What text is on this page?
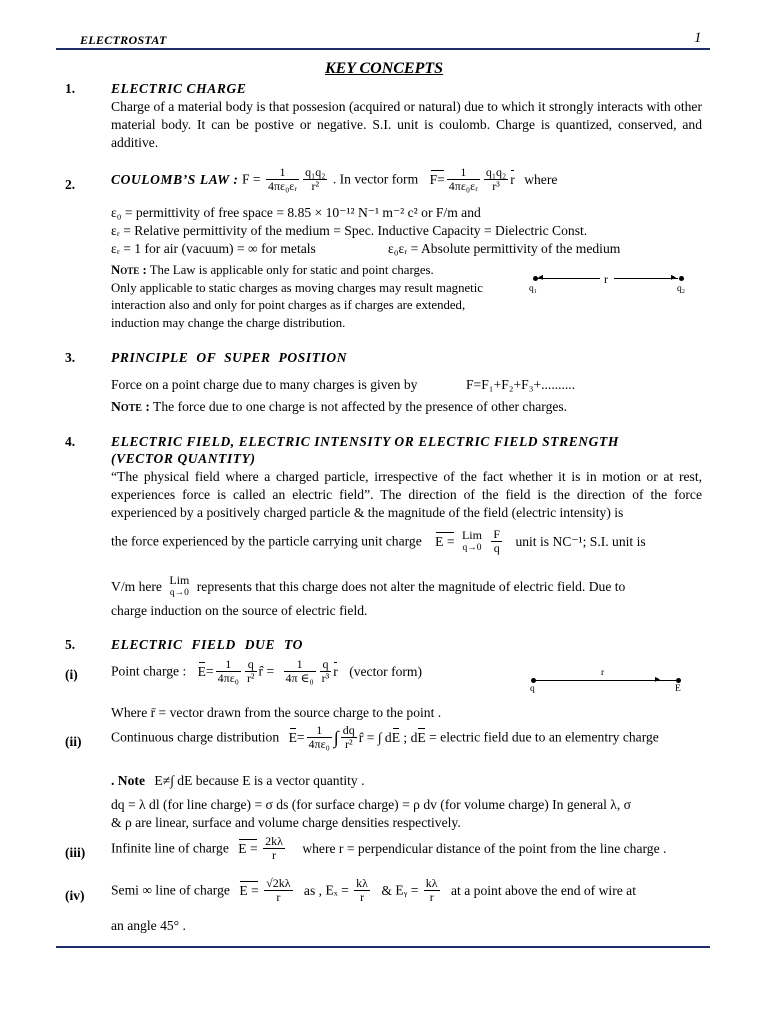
ELECTROSTAT	1
KEY CONCEPTS
1.	ELECTRIC CHARGE
Charge of a material body is that possesion (acquired or natural) due to which it strongly interacts with other material body. It can be postive or negative. S.I. unit is coulomb. Charge is quantized, conserved, and additive.
2.	COULOMB’S LAW : $F = \frac{1}{\text{4πε₀εᵣ}} \frac{\text{q₁q₂}}{\text{r²}}$ . In vector form $F= \frac{1}{\text{4πε₀εᵣ}} \frac{\text{q₁q₂}}{\text{r³}}$ r where
ε₀ = permittivity of free space = 8.85 × 10⁻¹² N⁻¹ m⁻² c² or F/m and
εᵣ = Relative permittivity of the medium = Spec. Inductive Capacity = Dielectric Const.
εᵣ = 1 for air (vacuum) = ∞ for metals	ε₀εᵣ = Absolute permittivity of the medium
Note : The Law is applicable only for static and point charges.
Only applicable to static charges as moving charges may result magnetic
interaction also and only for point charges as if charges are extended,
induction may change the charge distribution.
◂	▸
r
q₁	q₂
3.	PRINCIPLE OF SUPER POSITION
Force on a point charge due to many charges is given by	F=F₁+F₂+F₃+..........
Note : The force due to one charge is not affected by the presence of other charges.
4.	ELECTRIC FIELD, ELECTRIC INTENSITY OR ELECTRIC FIELD STRENGTH
(VECTOR QUANTITY)
“The physical field where a charged particle, irrespective of the fact whether it is in motion or at rest, experiences force is called an electric field”. The direction of the field is the direction of the force experienced by a positively charged particle & the magnitude of the field (electric intensity) is
the force experienced by the particle carrying unit charge E = Lim
q→0
$\frac{F}{q}$ unit is NC⁻¹; S.I. unit is
V/m here Lim
q→0 represents that this charge does not alter the magnitude of electric field. Due to
charge induction on the source of electric field.
5.	ELECTRIC FIELD DUE TO
(i) Point charge : $E= \frac{1}{\text{4πε₀}} \frac{q}{\text{r²}}$ r̂ = $\frac{1}{\text{4π ∈₀}} \frac{q}{\text{r³}}$ r (vector form)
▸
r
q	E
Where r̄ = vector drawn from the source charge to the point .
(ii) Continuous charge distribution $E= \frac{1}{\text{4πε₀}}$ ∫ $\frac{dq}{\text{r²}}$ r̂ = ∫ dE ; dE = electric field due to an elementry charge
. Note E≠∫ dE because E is a vector quantity .
dq = λ dl (for line charge) = σ ds (for surface charge) = ρ dv (for volume charge) In general λ, σ
& ρ are linear, surface and volume charge densities respectively.
(iii) Infinite line of charge $E = \frac{2k\lambda}{r}$ where r = perpendicular distance of the point from the line charge .
(iv) Semi ∞ line of charge $E = \frac{√2k\lambda}{r}$ as , $E_x = \frac{k\lambda}{r}$ & Eᵧ = $\frac{k\lambda}{r}$ at a point above the end of wire at
an angle 45° .
